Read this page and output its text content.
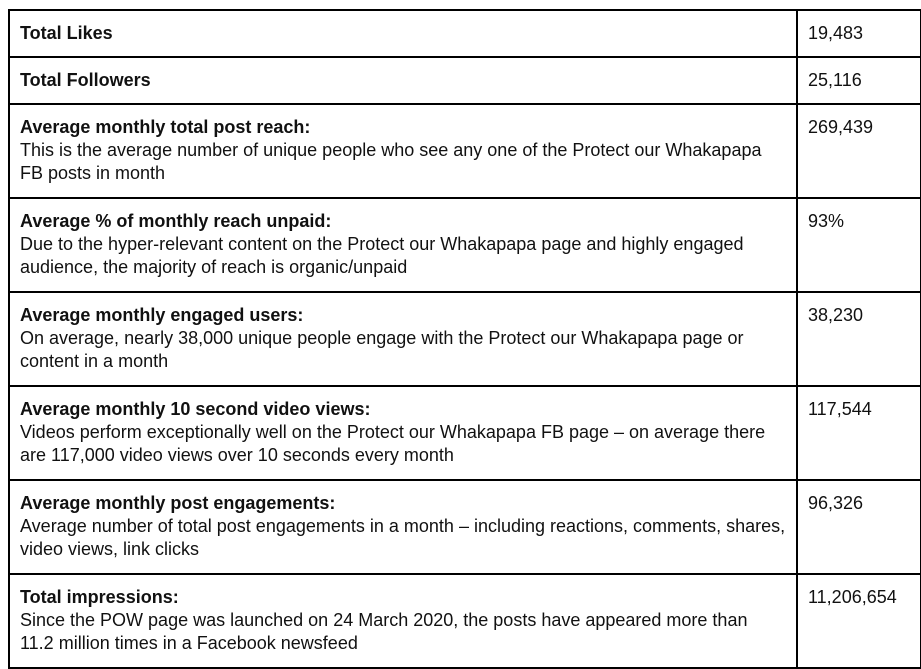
Total Likes	19,483

Total Followers	25,116

Average monthly total post reach:
This is the average number of unique people who see any one of the Protect our Whakapapa FB posts in month	269,439

Average % of monthly reach unpaid:
Due to the hyper-relevant content on the Protect our Whakapapa page and highly engaged audience, the majority of reach is organic/unpaid	93%

Average monthly engaged users:
On average, nearly 38,000 unique people engage with the Protect our Whakapapa page or content in a month	38,230

Average monthly 10 second video views:
Videos perform exceptionally well on the Protect our Whakapapa FB page – on average there are 117,000 video views over 10 seconds every month	117,544

Average monthly post engagements:
Average number of total post engagements in a month – including reactions, comments, shares, video views, link clicks	96,326

Total impressions:
Since the POW page was launched on 24 March 2020, the posts have appeared more than 11.2 million times in a Facebook newsfeed	11,206,654
